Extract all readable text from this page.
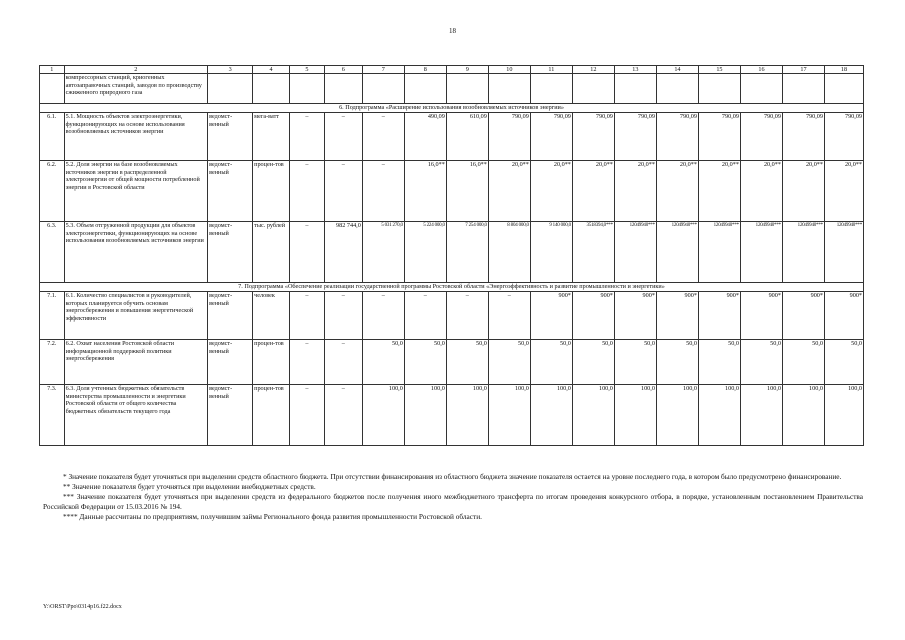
18
1	2	3	4	5	6	7	8	9	10	11	12	13	14	15	16	17	18
	компрессорных станций, криогенных автозаправочных станций, заводов по производству сжиженного природного газа																
6. Подпрограмма «Расширение использования возобновляемых источников энергии»																	
6.1.	5.1. Мощность объектов электроэнергетики, функционирующих на основе использования возобновляемых источников энергии	ведомст-венный	мега-ватт	–	–	–	490,09	610,09	790,09	790,09	790,09	790,09	790,09	790,09	790,09	790,09	790,09
6.2.	5.2. Доля энергии на базе возобновляемых источников энергии в распределенной электроэнергии от общей мощности потребленной энергии в Ростовской области	ведомст-венный	процен-тов	–	–	–	16,0**	16,0**	20,0**	20,0**	20,0**	20,0**	20,0**	20,0**	20,0**	20,0**	20,0**
6.3.	5.3. Объем отгруженной продукции для объектов электроэнергетики, функционирующих на основе использования возобновляемых источников энергии	ведомст-венный	тыс. рублей	–	982 744,0	5 031 270,0	5 224 000,0	7 254 000,0	8 804 000,0	9 140 000,0	3518394,0***	12049940***	12049940***	12049940***	12049940***	12049940***	12049940***
7. Подпрограмма «Обеспечение реализации государственной программы Ростовской области «Энергоэффективность и развитие промышленности и энергетики»																	
7.1.	6.1. Количество специалистов и руководителей, которых планируется обучить основам энергосбережения и повышения энергетической эффективности	ведомст-венный	человек	–	–	–	–	–	–	900*	900*	900*	900*	900*	900*	900*	900*
7.2.	6.2. Охват населения Ростовской области информационной поддержкой политики энергосбережения	ведомст-венный	процен-тов	–	–	50,0	50,0	50,0	50,0	50,0	50,0	50,0	50,0	50,0	50,0	50,0	50,0
7.3.	6.3. Доля учтенных бюджетных обязательств министерства промышленности и энергетики Ростовской области от общего количества бюджетных обязательств текущего года	ведомст-венный	процен-тов	–	–	100,0	100,0	100,0	100,0	100,0	100,0	100,0	100,0	100,0	100,0	100,0	100,0

* Значение показателя будет уточняться при выделении средств областного бюджета. При отсутствии финансирования из областного бюджета значение показателя остается на уровне последнего года, в котором было предусмотрено финансирование.

** Значение показателя будет уточняться при выделении внебюджетных средств.

*** Значение показателя будет уточняться при выделении средств из федерального бюджетов после получения иного межбюджетного трансферта по итогам проведения конкурсного отбора, в порядке, установленным постановлением Правительства Российской Федерации от 15.03.2016 № 194.

**** Данные рассчитаны по предприятиям, получившим займы Регионального фонда развития промышленности Ростовской области.

Y:\ORST\Ppo\0314p16.f22.docx
